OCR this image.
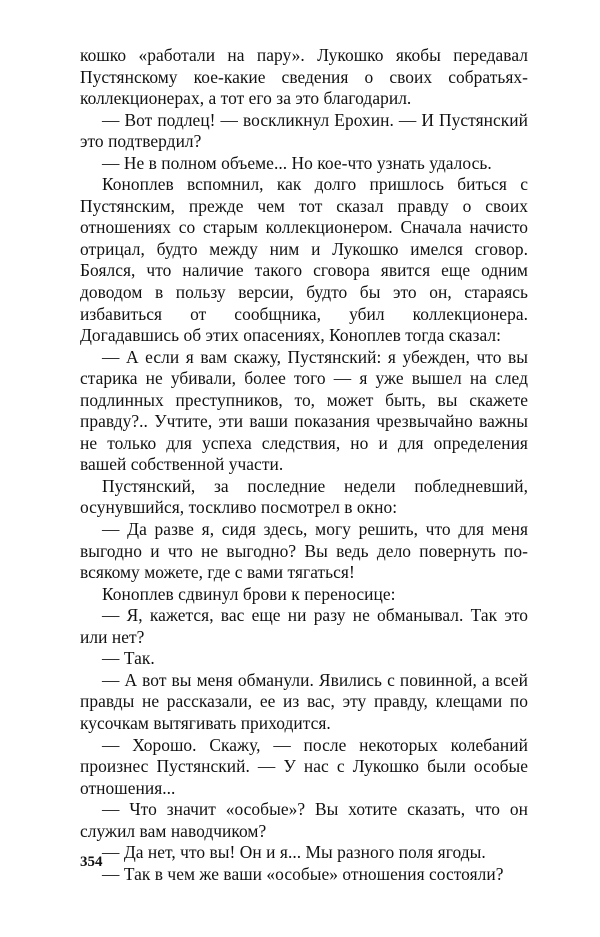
кошко «работали на пару». Лукошко якобы передавал Пустянскому кое-какие сведения о своих собратьях-коллекционерах, а тот его за это благодарил.

— Вот подлец! — воскликнул Ерохин. — И Пустянский это подтвердил?

— Не в полном объеме... Но кое-что узнать удалось.

Коноплев вспомнил, как долго пришлось биться с Пустянским, прежде чем тот сказал правду о своих отношениях со старым коллекционером. Сначала начисто отрицал, будто между ним и Лукошко имелся сговор. Боялся, что наличие такого сговора явится еще одним доводом в пользу версии, будто бы это он, стараясь избавиться от сообщника, убил коллекционера. Догадавшись об этих опасениях, Коноплев тогда сказал:

— А если я вам скажу, Пустянский: я убежден, что вы старика не убивали, более того — я уже вышел на след подлинных преступников, то, может быть, вы скажете правду?.. Учтите, эти ваши показания чрезвычайно важны не только для успеха следствия, но и для определения вашей собственной участи.

Пустянский, за последние недели побледневший, осунувшийся, тоскливо посмотрел в окно:

— Да разве я, сидя здесь, могу решить, что для меня выгодно и что не выгодно? Вы ведь дело повернуть по-всякому можете, где с вами тягаться!

Коноплев сдвинул брови к переносице:

— Я, кажется, вас еще ни разу не обманывал. Так это или нет?

— Так.

— А вот вы меня обманули. Явились с повинной, а всей правды не рассказали, ее из вас, эту правду, клещами по кусочкам вытягивать приходится.

— Хорошо. Скажу, — после некоторых колебаний произнес Пустянский. — У нас с Лукошко были особые отношения...

— Что значит «особые»? Вы хотите сказать, что он служил вам наводчиком?

— Да нет, что вы! Он и я... Мы разного поля ягоды.

— Так в чем же ваши «особые» отношения состояли?

354
